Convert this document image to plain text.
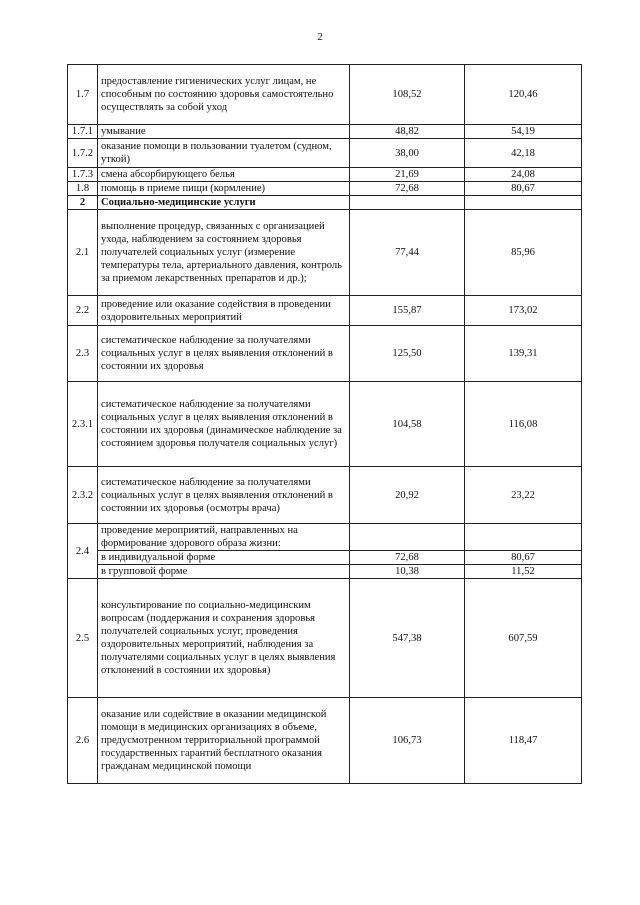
2
1.7	предоставление гигиенических услуг лицам, не способным по состоянию здоровья самостоятельно осуществлять за собой уход	108,52	120,46
1.7.1	умывание	48,82	54,19
1.7.2	оказание помощи в пользовании туалетом (судном, уткой)	38,00	42,18
1.7.3	смена абсорбирующего белья	21,69	24,08
1.8	помощь в приеме пищи (кормление)	72,68	80,67
2	Социально-медицинские услуги		
2.1	выполнение процедур, связанных с организацией ухода, наблюдением за состоянием здоровья получателей социальных услуг (измерение температуры тела, артериального давления, контроль за приемом лекарственных препаратов и др.);	77,44	85,96
2.2	проведение или оказание содействия в проведении оздоровительных мероприятий	155,87	173,02
2.3	систематическое наблюдение за получателями социальных услуг в целях выявления отклонений в состоянии их здоровья	125,50	139,31
2.3.1	систематическое наблюдение за получателями социальных услуг в целях выявления отклонений в состоянии их здоровья (динамическое наблюдение за состоянием здоровья получателя социальных услуг)	104,58	116,08
2.3.2	систематическое наблюдение за получателями социальных услуг в целях выявления отклонений в состоянии их здоровья (осмотры врача)	20,92	23,22
2.4	проведение мероприятий, направленных на формирование здорового образа жизни:		
	в индивидуальной форме	72,68	80,67
	в групповой форме	10,38	11,52
2.5	консультирование по социально-медицинским вопросам (поддержания и сохранения здоровья получателей социальных услуг, проведения оздоровительных мероприятий, наблюдения за получателями социальных услуг в целях выявления отклонений в состоянии их здоровья)	547,38	607,59
2.6	оказание или содействие в оказании медицинской помощи в медицинских организациях в объеме, предусмотренном территориальной программой государственных гарантий бесплатного оказания гражданам медицинской помощи	106,73	118,47
